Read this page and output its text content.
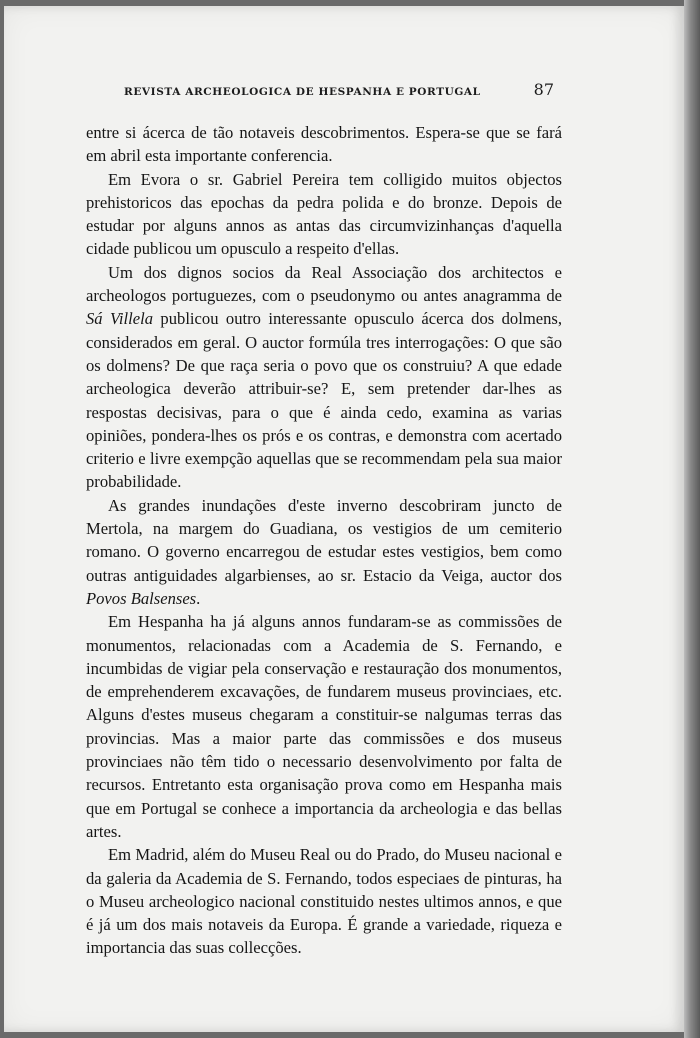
REVISTA ARCHEOLOGICA DE HESPANHA E PORTUGAL	87

entre si ácerca de tão notaveis descobrimentos. Espera-se que se fará em abril esta importante conferencia.

Em Evora o sr. Gabriel Pereira tem colligido muitos objectos prehistoricos das epochas da pedra polida e do bronze. Depois de estudar por alguns annos as antas das circumvizinhanças d'aquella cidade publicou um opusculo a respeito d'ellas.

Um dos dignos socios da Real Associação dos architectos e archeologos portuguezes, com o pseudonymo ou antes anagramma de Sá Villela publicou outro interessante opusculo ácerca dos dolmens, considerados em geral. O auctor formúla tres interrogações: O que são os dolmens? De que raça seria o povo que os construiu? A que edade archeologica deverão attribuir-se? E, sem pretender dar-lhes as respostas decisivas, para o que é ainda cedo, examina as varias opiniões, pondera-lhes os prós e os contras, e demonstra com acertado criterio e livre exempção aquellas que se recommendam pela sua maior probabilidade.

As grandes inundações d'este inverno descobriram juncto de Mertola, na margem do Guadiana, os vestigios de um cemiterio romano. O governo encarregou de estudar estes vestigios, bem como outras antiguidades algarbienses, ao sr. Estacio da Veiga, auctor dos Povos Balsenses.

Em Hespanha ha já alguns annos fundaram-se as commissões de monumentos, relacionadas com a Academia de S. Fernando, e incumbidas de vigiar pela conservação e restauração dos monumentos, de emprehenderem excavações, de fundarem museus provinciaes, etc. Alguns d'estes museus chegaram a constituir-se nalgumas terras das provincias. Mas a maior parte das commissões e dos museus provinciaes não têm tido o necessario desenvolvimento por falta de recursos. Entretanto esta organisação prova como em Hespanha mais que em Portugal se conhece a importancia da archeologia e das bellas artes.

Em Madrid, além do Museu Real ou do Prado, do Museu nacional e da galeria da Academia de S. Fernando, todos especiaes de pinturas, ha o Museu archeologico nacional constituido nestes ultimos annos, e que é já um dos mais notaveis da Europa. É grande a variedade, riqueza e importancia das suas collecções.
